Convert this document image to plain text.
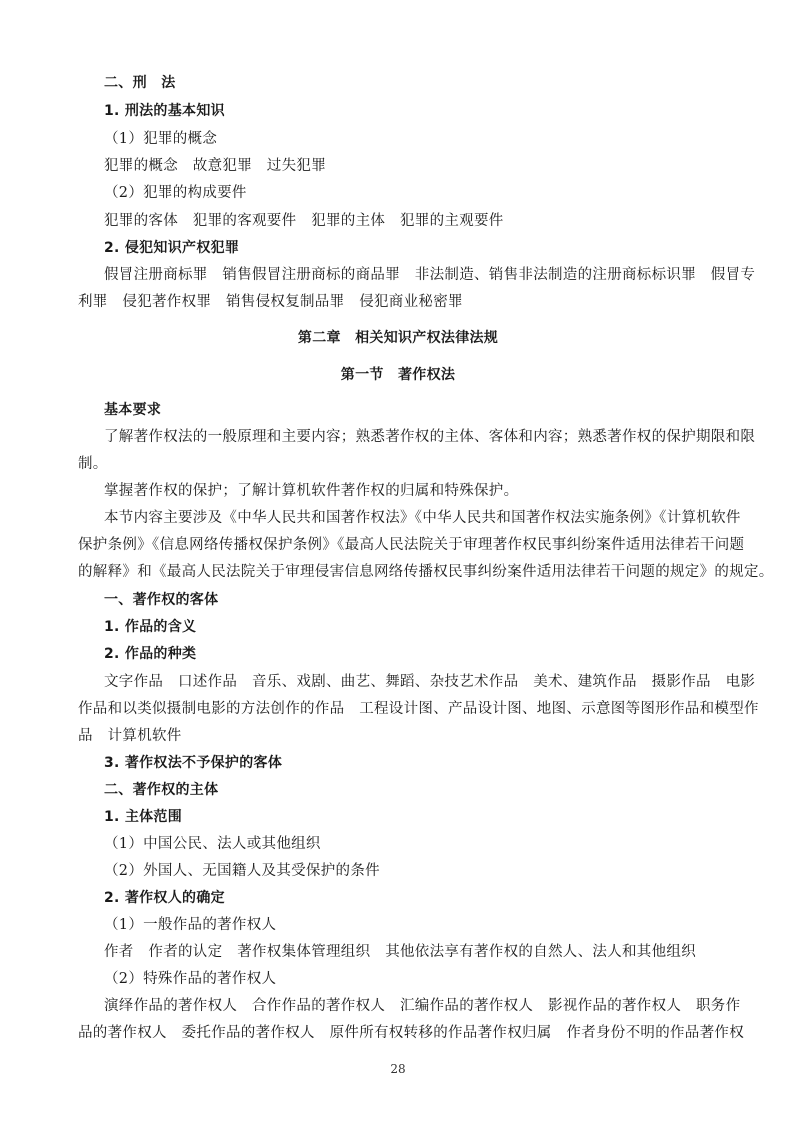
二、刑　法
1. 刑法的基本知识
（1）犯罪的概念
犯罪的概念　故意犯罪　过失犯罪
（2）犯罪的构成要件
犯罪的客体　犯罪的客观要件　犯罪的主体　犯罪的主观要件
2. 侵犯知识产权犯罪
假冒注册商标罪　销售假冒注册商标的商品罪　非法制造、销售非法制造的注册商标标识罪　假冒专
利罪　侵犯著作权罪　销售侵权复制品罪　侵犯商业秘密罪
第二章　相关知识产权法律法规
第一节　著作权法
基本要求
了解著作权法的一般原理和主要内容；熟悉著作权的主体、客体和内容；熟悉著作权的保护期限和限
制。
掌握著作权的保护；了解计算机软件著作权的归属和特殊保护。
本节内容主要涉及《中华人民共和国著作权法》《中华人民共和国著作权法实施条例》《计算机软件
保护条例》《信息网络传播权保护条例》《最高人民法院关于审理著作权民事纠纷案件适用法律若干问题
的解释》和《最高人民法院关于审理侵害信息网络传播权民事纠纷案件适用法律若干问题的规定》的规定。
一、著作权的客体
1. 作品的含义
2. 作品的种类
文字作品　口述作品　音乐、戏剧、曲艺、舞蹈、杂技艺术作品　美术、建筑作品　摄影作品　电影
作品和以类似摄制电影的方法创作的作品　工程设计图、产品设计图、地图、示意图等图形作品和模型作
品　计算机软件
3. 著作权法不予保护的客体
二、著作权的主体
1. 主体范围
（1）中国公民、法人或其他组织
（2）外国人、无国籍人及其受保护的条件
2. 著作权人的确定
（1）一般作品的著作权人
作者　作者的认定　著作权集体管理组织　其他依法享有著作权的自然人、法人和其他组织
（2）特殊作品的著作权人
演绎作品的著作权人　合作作品的著作权人　汇编作品的著作权人　影视作品的著作权人　职务作
品的著作权人　委托作品的著作权人　原件所有权转移的作品著作权归属　作者身份不明的作品著作权
28
